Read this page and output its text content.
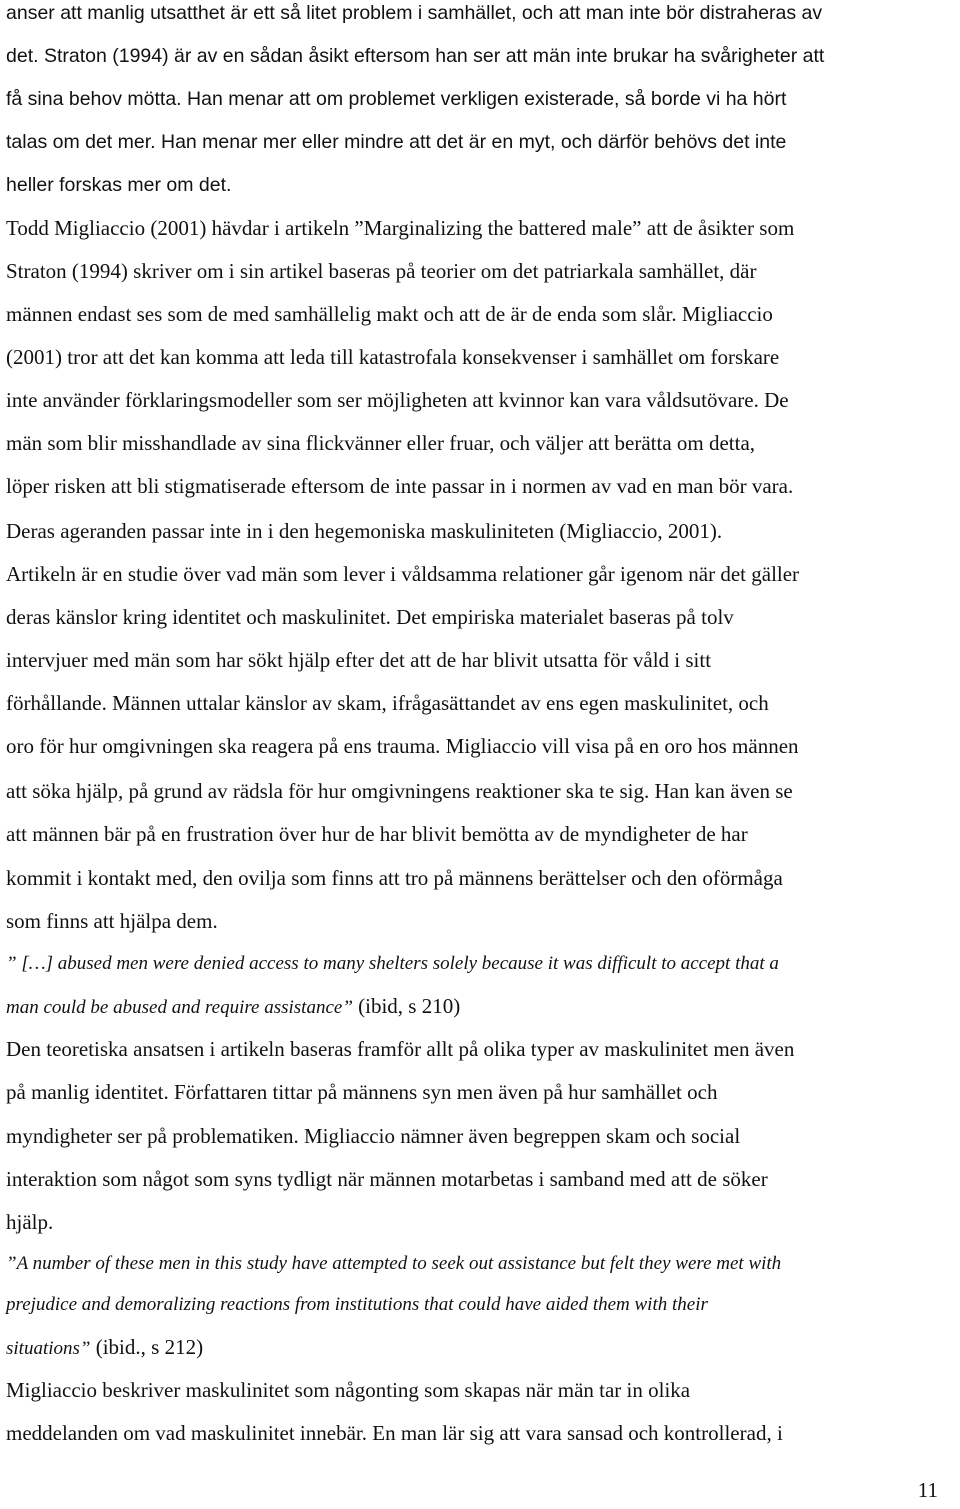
anser att manlig utsatthet är ett så litet problem i samhället, och att man inte bör distraheras av
det. Straton (1994) är av en sådan åsikt eftersom han ser att män inte brukar ha svårigheter att
få sina behov mötta. Han menar att om problemet verkligen existerade, så borde vi ha hört
talas om det mer. Han menar mer eller mindre att det är en myt, och därför behövs det inte
heller forskas mer om det.
Todd Migliaccio (2001) hävdar i artikeln ”Marginalizing the battered male” att de åsikter som
Straton (1994) skriver om i sin artikel baseras på teorier om det patriarkala samhället, där
männen endast ses som de med samhällelig makt och att de är de enda som slår. Migliaccio
(2001) tror att det kan komma att leda till katastrofala konsekvenser i samhället om forskare
inte använder förklaringsmodeller som ser möjligheten att kvinnor kan vara våldsutövare. De
män som blir misshandlade av sina flickvänner eller fruar, och väljer att berätta om detta,
löper risken att bli stigmatiserade eftersom de inte passar in i normen av vad en man bör vara.
Deras ageranden passar inte in i den hegemoniska maskuliniteten (Migliaccio, 2001).
Artikeln är en studie över vad män som lever i våldsamma relationer går igenom när det gäller
deras känslor kring identitet och maskulinitet. Det empiriska materialet baseras på tolv
intervjuer med män som har sökt hjälp efter det att de har blivit utsatta för våld i sitt
förhållande. Männen uttalar känslor av skam, ifrågasättandet av ens egen maskulinitet, och
oro för hur omgivningen ska reagera på ens trauma. Migliaccio vill visa på en oro hos männen
att söka hjälp, på grund av rädsla för hur omgivningens reaktioner ska te sig. Han kan även se
att männen bär på en frustration över hur de har blivit bemötta av de myndigheter de har
kommit i kontakt med, den ovilja som finns att tro på männens berättelser och den oförmåga
som finns att hjälpa dem.
” […] abused men were denied access to many shelters solely because it was difficult to accept that a
man could be abused and require assistance” (ibid, s 210)
Den teoretiska ansatsen i artikeln baseras framför allt på olika typer av maskulinitet men även
på manlig identitet. Författaren tittar på männens syn men även på hur samhället och
myndigheter ser på problematiken. Migliaccio nämner även begreppen skam och social
interaktion som något som syns tydligt när männen motarbetas i samband med att de söker
hjälp.
”A number of these men in this study have attempted to seek out assistance but felt they were met with
prejudice and demoralizing reactions from institutions that could have aided them with their
situations” (ibid., s 212)
Migliaccio beskriver maskulinitet som någonting som skapas när män tar in olika
meddelanden om vad maskulinitet innebär. En man lär sig att vara sansad och kontrollerad, i
11
